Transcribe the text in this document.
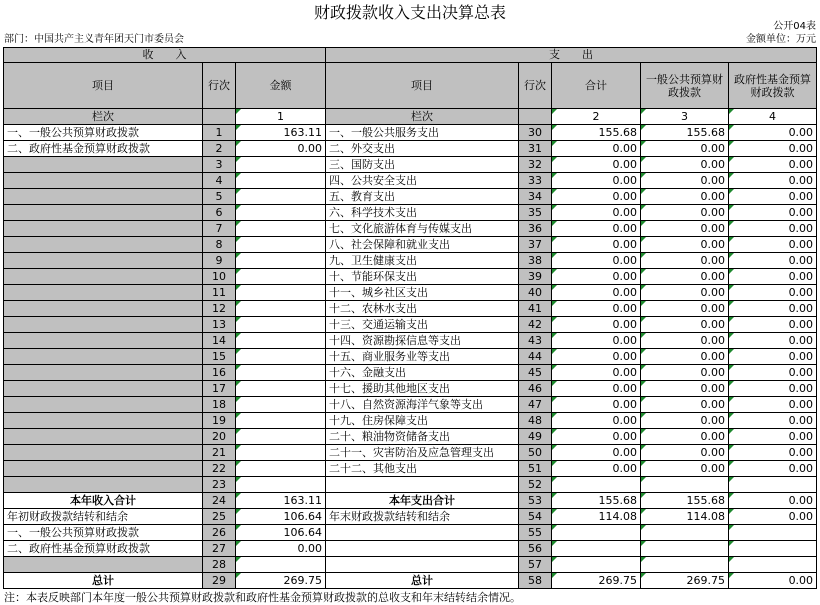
财政拨款收入支出决算总表
公开04表
部门：中国共产主义青年团天门市委员会	金额单位：万元
收　　入			支　　出				
项目	行次	金额	项目	行次	合计	一般公共预算财政拨款	政府性基金预算财政拨款
栏次		1	栏次		2	3	4
一、一般公共预算财政拨款	1	163.11	一、一般公共服务支出	30	155.68	155.68	0.00
二、政府性基金预算财政拨款	2	0.00	二、外交支出	31	0.00	0.00	0.00
	3		三、国防支出	32	0.00	0.00	0.00
	4		四、公共安全支出	33	0.00	0.00	0.00
	5		五、教育支出	34	0.00	0.00	0.00
	6		六、科学技术支出	35	0.00	0.00	0.00
	7		七、文化旅游体育与传媒支出	36	0.00	0.00	0.00
	8		八、社会保障和就业支出	37	0.00	0.00	0.00
	9		九、卫生健康支出	38	0.00	0.00	0.00
	10		十、节能环保支出	39	0.00	0.00	0.00
	11		十一、城乡社区支出	40	0.00	0.00	0.00
	12		十二、农林水支出	41	0.00	0.00	0.00
	13		十三、交通运输支出	42	0.00	0.00	0.00
	14		十四、资源勘探信息等支出	43	0.00	0.00	0.00
	15		十五、商业服务业等支出	44	0.00	0.00	0.00
	16		十六、金融支出	45	0.00	0.00	0.00
	17		十七、援助其他地区支出	46	0.00	0.00	0.00
	18		十八、自然资源海洋气象等支出	47	0.00	0.00	0.00
	19		十九、住房保障支出	48	0.00	0.00	0.00
	20		二十、粮油物资储备支出	49	0.00	0.00	0.00
	21		二十一、灾害防治及应急管理支出	50	0.00	0.00	0.00
	22		二十二、其他支出	51	0.00	0.00	0.00
	23			52			
本年收入合计	24	163.11	本年支出合计	53	155.68	155.68	0.00
年初财政拨款结转和结余	25	106.64	年末财政拨款结转和结余	54	114.08	114.08	0.00
一、一般公共预算财政拨款	26	106.64		55			
二、政府性基金预算财政拨款	27	0.00		56			
	28			57			
总计	29	269.75	总计	58	269.75	269.75	0.00
注：本表反映部门本年度一般公共预算财政拨款和政府性基金预算财政拨款的总收支和年末结转结余情况。
